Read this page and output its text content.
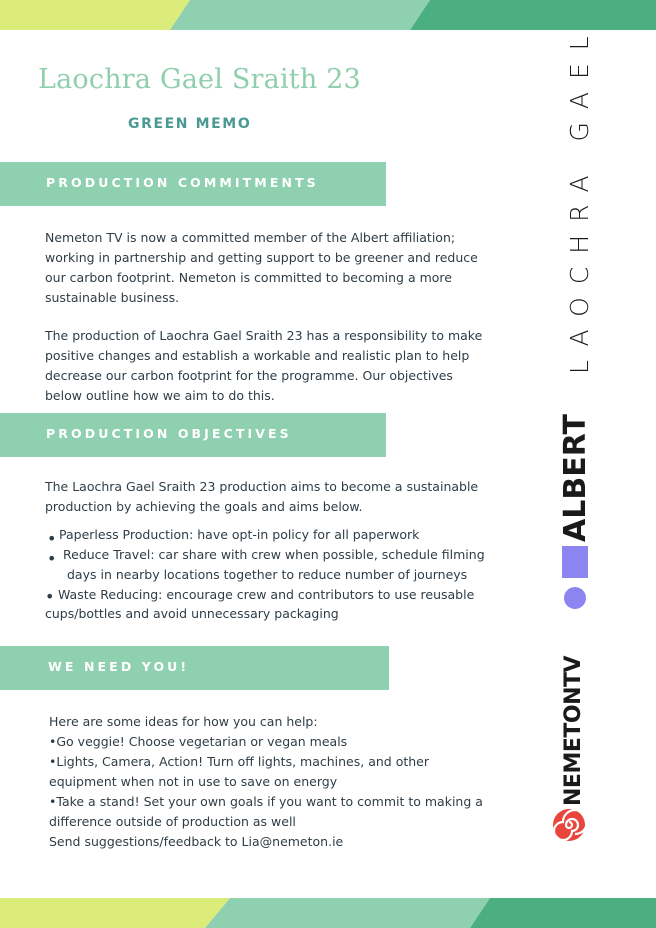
Laochra Gael Sraith 23
GREEN MEMO
PRODUCTION COMMITMENTS
Nemeton TV is now a committed member of the Albert affiliation;
working in partnership and getting support to be greener and reduce
our carbon footprint. Nemeton is committed to becoming a more
sustainable business.
The production of Laochra Gael Sraith 23 has a responsibility to make
positive changes and establish a workable and realistic plan to help
decrease our carbon footprint for the programme. Our objectives
below outline how we aim to do this.
PRODUCTION OBJECTIVES
The Laochra Gael Sraith 23 production aims to become a sustainable
production by achieving the goals and aims below.
• Paperless Production: have opt-in policy for all paperwork
• Reduce Travel: car share with crew when possible, schedule filming
days in nearby locations together to reduce number of journeys
• Waste Reducing: encourage crew and contributors to use reusable
cups/bottles and avoid unnecessary packaging
WE NEED YOU!
Here are some ideas for how you can help:
•Go veggie! Choose vegetarian or vegan meals
•Lights, Camera, Action! Turn off lights, machines, and other
equipment when not in use to save on energy
•Take a stand! Set your own goals if you want to commit to making a
difference outside of production as well
Send suggestions/feedback to Lia@nemeton.ie
LAOCHRA GAEL
ALBERT
NEMETONTV
